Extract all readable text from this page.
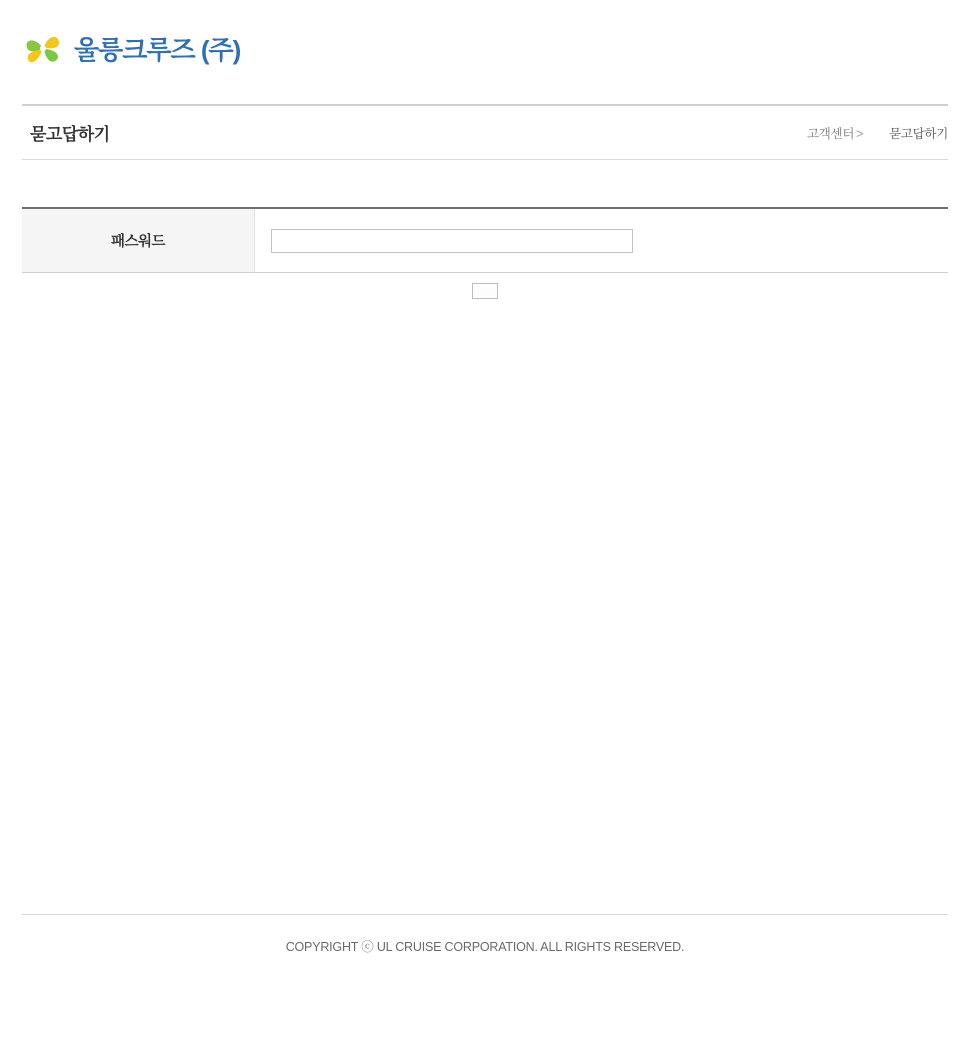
울릉크루즈 (주)
묻고답하기	고객센터 > 묻고답하기
패스워드	
COPYRIGHT ⓒ UL CRUISE CORPORATION. ALL RIGHTS RESERVED.
